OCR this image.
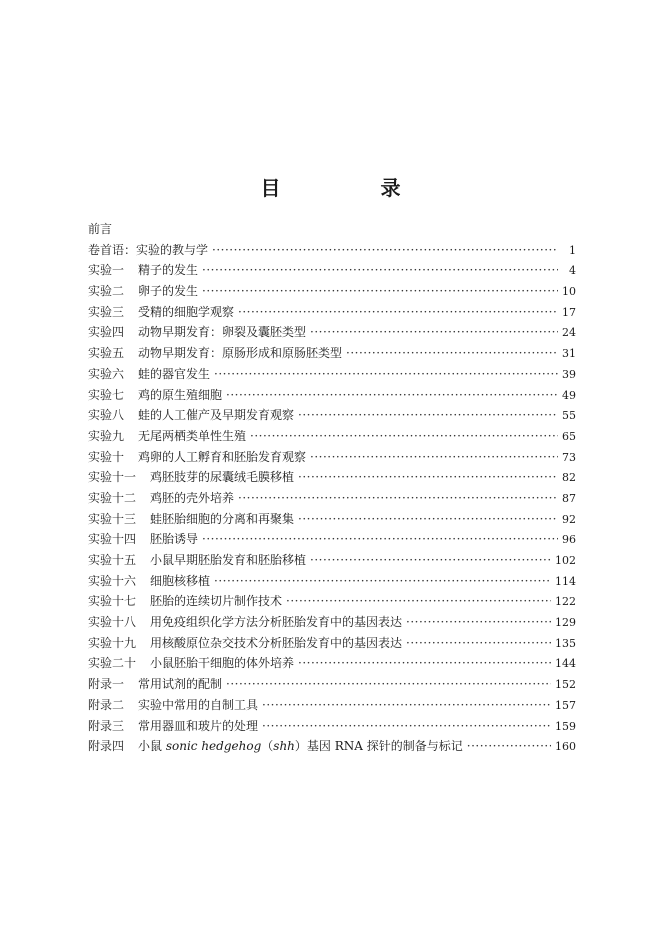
目　录
前言
卷首语： 实验的教与学 ·····	1
实验一 精子的发生 ·····	4
实验二 卵子的发生 ·····	10
实验三 受精的细胞学观察 ·····	17
实验四 动物早期发育：卵裂及囊胚类型 ·····	24
实验五 动物早期发育：原肠形成和原肠胚类型 ·····	31
实验六 蛙的器官发生 ·····	39
实验七 鸡的原生殖细胞 ·····	49
实验八 蛙的人工催产及早期发育观察 ·····	55
实验九 无尾两栖类单性生殖 ·····	65
实验十 鸡卵的人工孵育和胚胎发育观察 ·····	73
实验十一 鸡胚肢芽的尿囊绒毛膜移植 ·····	82
实验十二 鸡胚的壳外培养 ·····	87
实验十三 蛙胚胎细胞的分离和再聚集 ·····	92
实验十四 胚胎诱导 ·····	96
实验十五 小鼠早期胚胎发育和胚胎移植 ·····	102
实验十六 细胞核移植 ·····	114
实验十七 胚胎的连续切片制作技术 ·····	122
实验十八 用免疫组织化学方法分析胚胎发育中的基因表达 ·····	129
实验十九 用核酸原位杂交技术分析胚胎发育中的基因表达 ·····	135
实验二十 小鼠胚胎干细胞的体外培养 ·····	144
附录一 常用试剂的配制 ·····	152
附录二 实验中常用的自制工具 ·····	157
附录三 常用器皿和玻片的处理 ·····	159
附录四 小鼠 sonic hedgehog（shh）基因 RNA 探针的制备与标记 ·····	160
